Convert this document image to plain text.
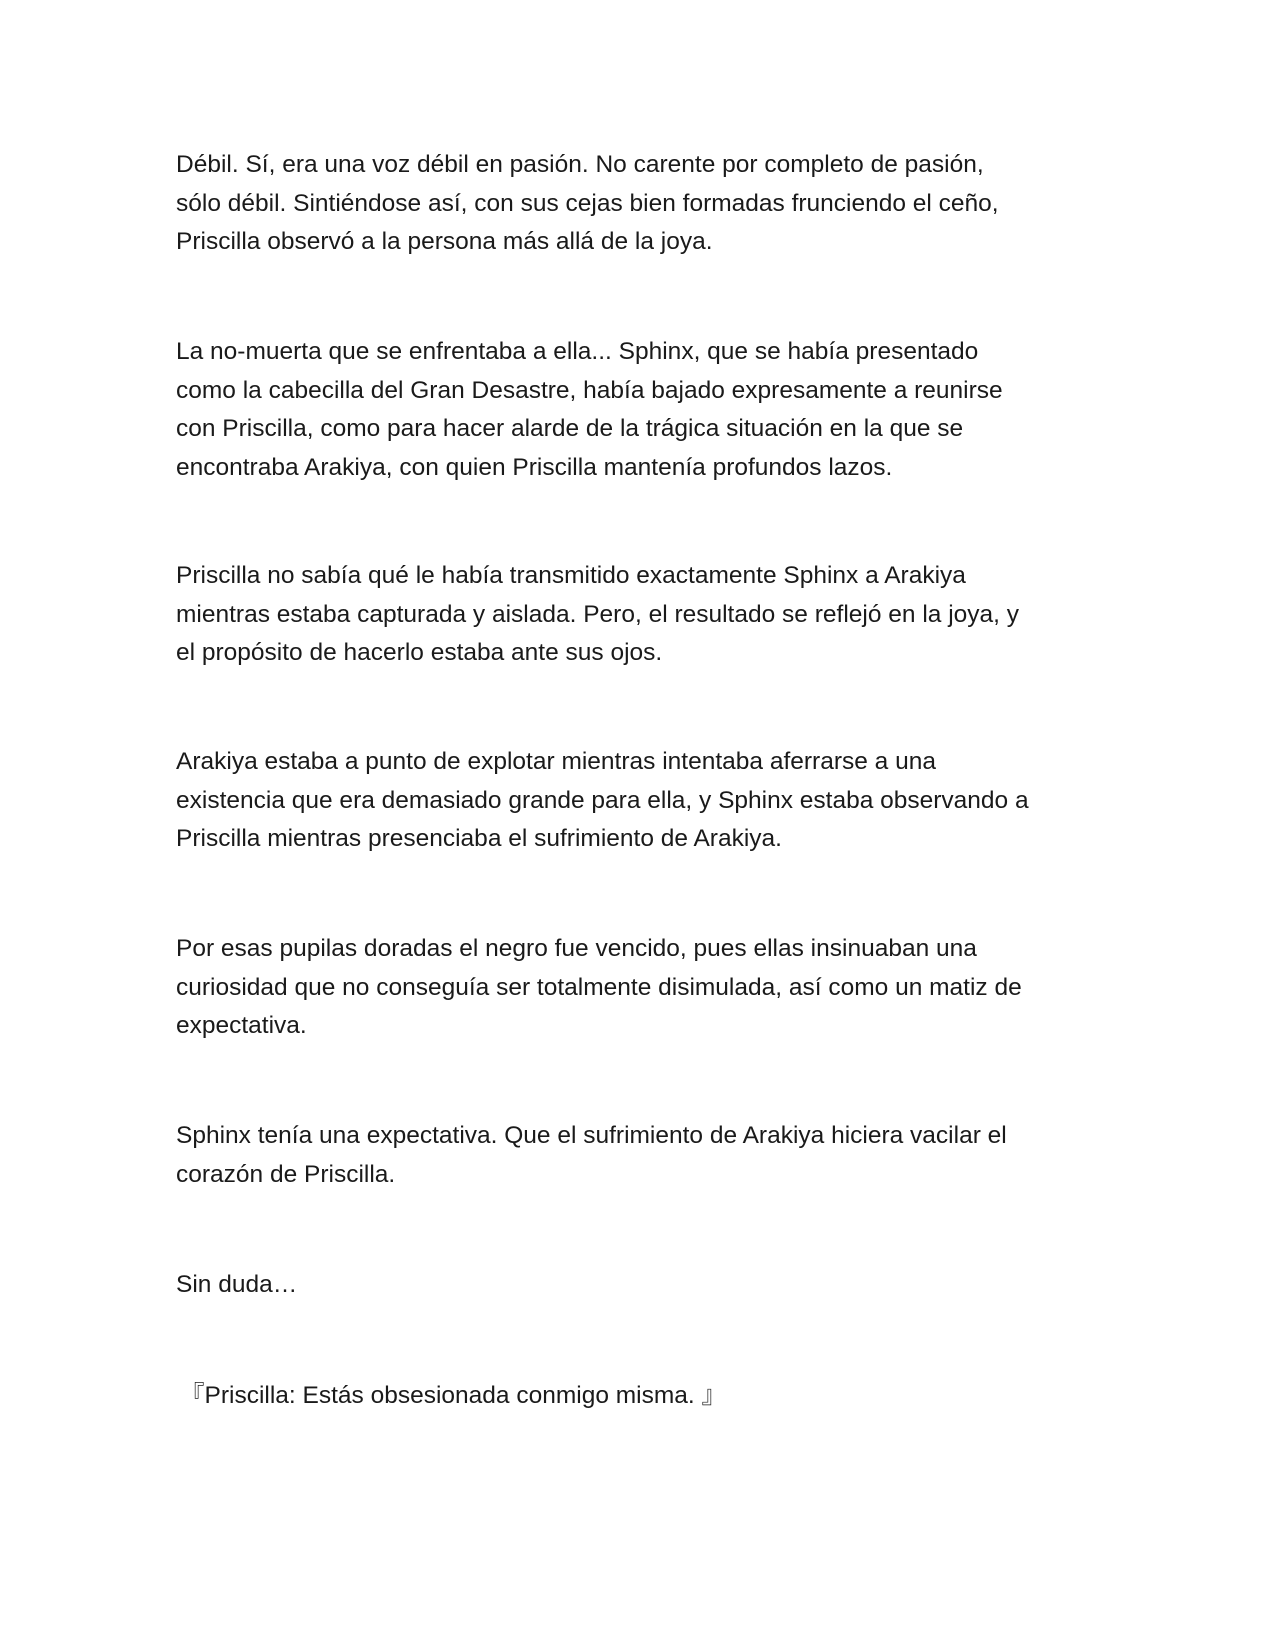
Débil. Sí, era una voz débil en pasión. No carente por completo de pasión,
sólo débil. Sintiéndose así, con sus cejas bien formadas frunciendo el ceño,
Priscilla observó a la persona más allá de la joya.

La no-muerta que se enfrentaba a ella... Sphinx, que se había presentado
como la cabecilla del Gran Desastre, había bajado expresamente a reunirse
con Priscilla, como para hacer alarde de la trágica situación en la que se
encontraba Arakiya, con quien Priscilla mantenía profundos lazos.

Priscilla no sabía qué le había transmitido exactamente Sphinx a Arakiya
mientras estaba capturada y aislada. Pero, el resultado se reflejó en la joya, y
el propósito de hacerlo estaba ante sus ojos.

Arakiya estaba a punto de explotar mientras intentaba aferrarse a una
existencia que era demasiado grande para ella, y Sphinx estaba observando a
Priscilla mientras presenciaba el sufrimiento de Arakiya.

Por esas pupilas doradas el negro fue vencido, pues ellas insinuaban una
curiosidad que no conseguía ser totalmente disimulada, así como un matiz de
expectativa.

Sphinx tenía una expectativa. Que el sufrimiento de Arakiya hiciera vacilar el
corazón de Priscilla.

Sin duda…

『Priscilla: Estás obsesionada conmigo misma. 』
